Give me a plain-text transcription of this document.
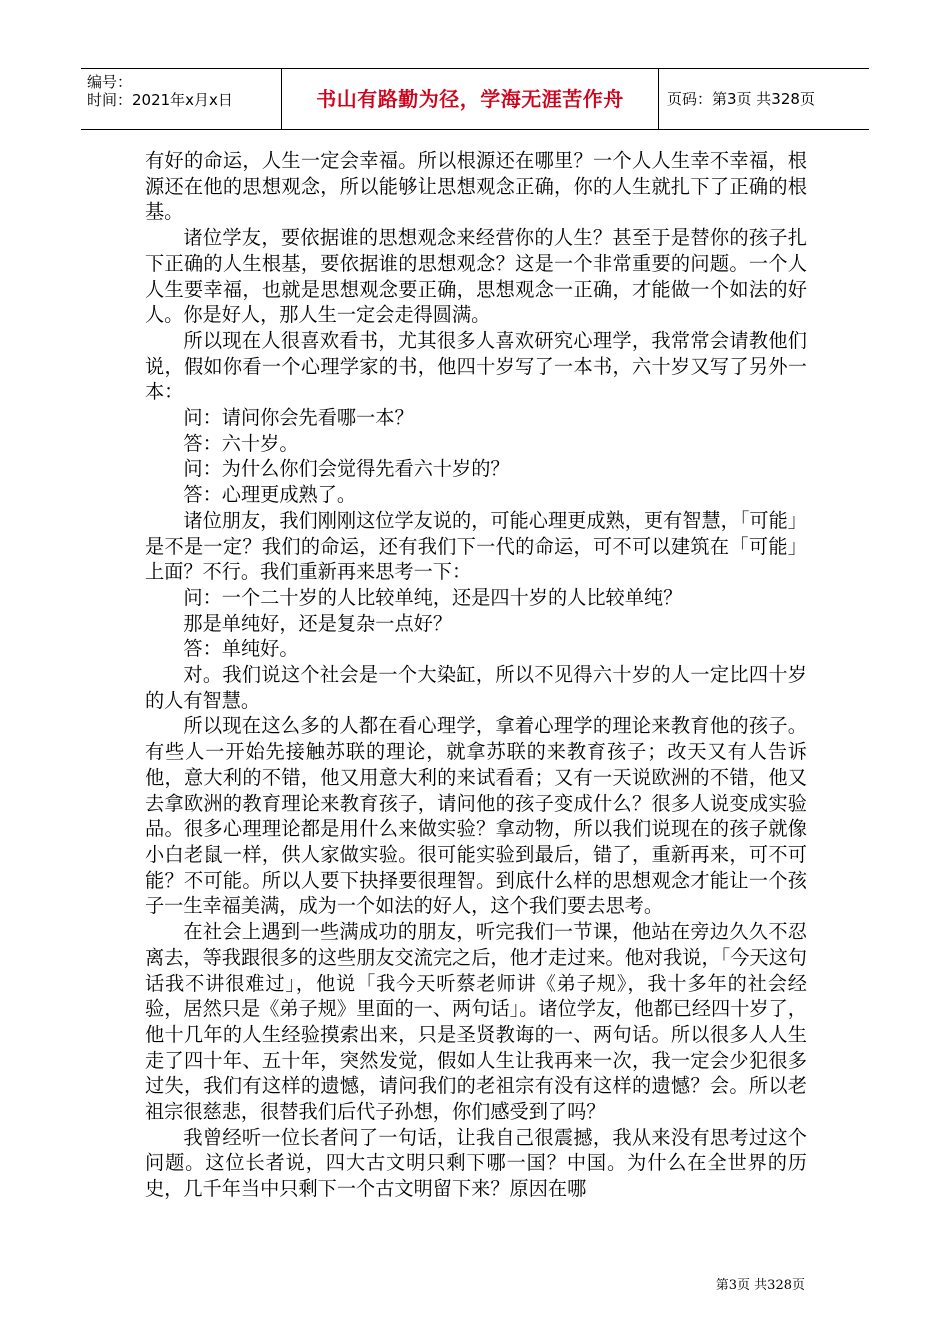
编号：
时间：2021年x月x日	书山有路勤为径，学海无涯苦作舟	页码：第3页 共328页

有好的命运，人生一定会幸福。所以根源还在哪里？一个人人生幸不幸福，根源还在他的思想观念，所以能够让思想观念正确，你的人生就扎下了正确的根基。

诸位学友，要依据谁的思想观念来经营你的人生？甚至于是替你的孩子扎下正确的人生根基，要依据谁的思想观念？这是一个非常重要的问题。一个人人生要幸福，也就是思想观念要正确，思想观念一正确，才能做一个如法的好人。你是好人，那人生一定会走得圆满。

所以现在人很喜欢看书，尤其很多人喜欢研究心理学，我常常会请教他们说，假如你看一个心理学家的书，他四十岁写了一本书，六十岁又写了另外一本：

问：请问你会先看哪一本？

答：六十岁。

问：为什么你们会觉得先看六十岁的？

答：心理更成熟了。

诸位朋友，我们刚刚这位学友说的，可能心理更成熟，更有智慧，「可能」是不是一定？我们的命运，还有我们下一代的命运，可不可以建筑在「可能」上面？不行。我们重新再来思考一下：

问：一个二十岁的人比较单纯，还是四十岁的人比较单纯？

那是单纯好，还是复杂一点好？

答：单纯好。

对。我们说这个社会是一个大染缸，所以不见得六十岁的人一定比四十岁的人有智慧。

所以现在这么多的人都在看心理学，拿着心理学的理论来教育他的孩子。有些人一开始先接触苏联的理论，就拿苏联的来教育孩子；改天又有人告诉他，意大利的不错，他又用意大利的来试看看；又有一天说欧洲的不错，他又去拿欧洲的教育理论来教育孩子，请问他的孩子变成什么？很多人说变成实验品。很多心理理论都是用什么来做实验？拿动物，所以我们说现在的孩子就像小白老鼠一样，供人家做实验。很可能实验到最后，错了，重新再来，可不可能？不可能。所以人要下抉择要很理智。到底什么样的思想观念才能让一个孩子一生幸福美满，成为一个如法的好人，这个我们要去思考。

在社会上遇到一些满成功的朋友，听完我们一节课，他站在旁边久久不忍离去，等我跟很多的这些朋友交流完之后，他才走过来。他对我说，「今天这句话我不讲很难过」，他说「我今天听蔡老师讲《弟子规》，我十多年的社会经验，居然只是《弟子规》里面的一、两句话」。诸位学友，他都已经四十岁了，他十几年的人生经验摸索出来，只是圣贤教诲的一、两句话。所以很多人人生走了四十年、五十年，突然发觉，假如人生让我再来一次，我一定会少犯很多过失，我们有这样的遗憾，请问我们的老祖宗有没有这样的遗憾？会。所以老祖宗很慈悲，很替我们后代子孙想，你们感受到了吗？

我曾经听一位长者问了一句话，让我自己很震撼，我从来没有思考过这个问题。这位长者说，四大古文明只剩下哪一国？中国。为什么在全世界的历史，几千年当中只剩下一个古文明留下来？原因在哪

第3页 共328页
